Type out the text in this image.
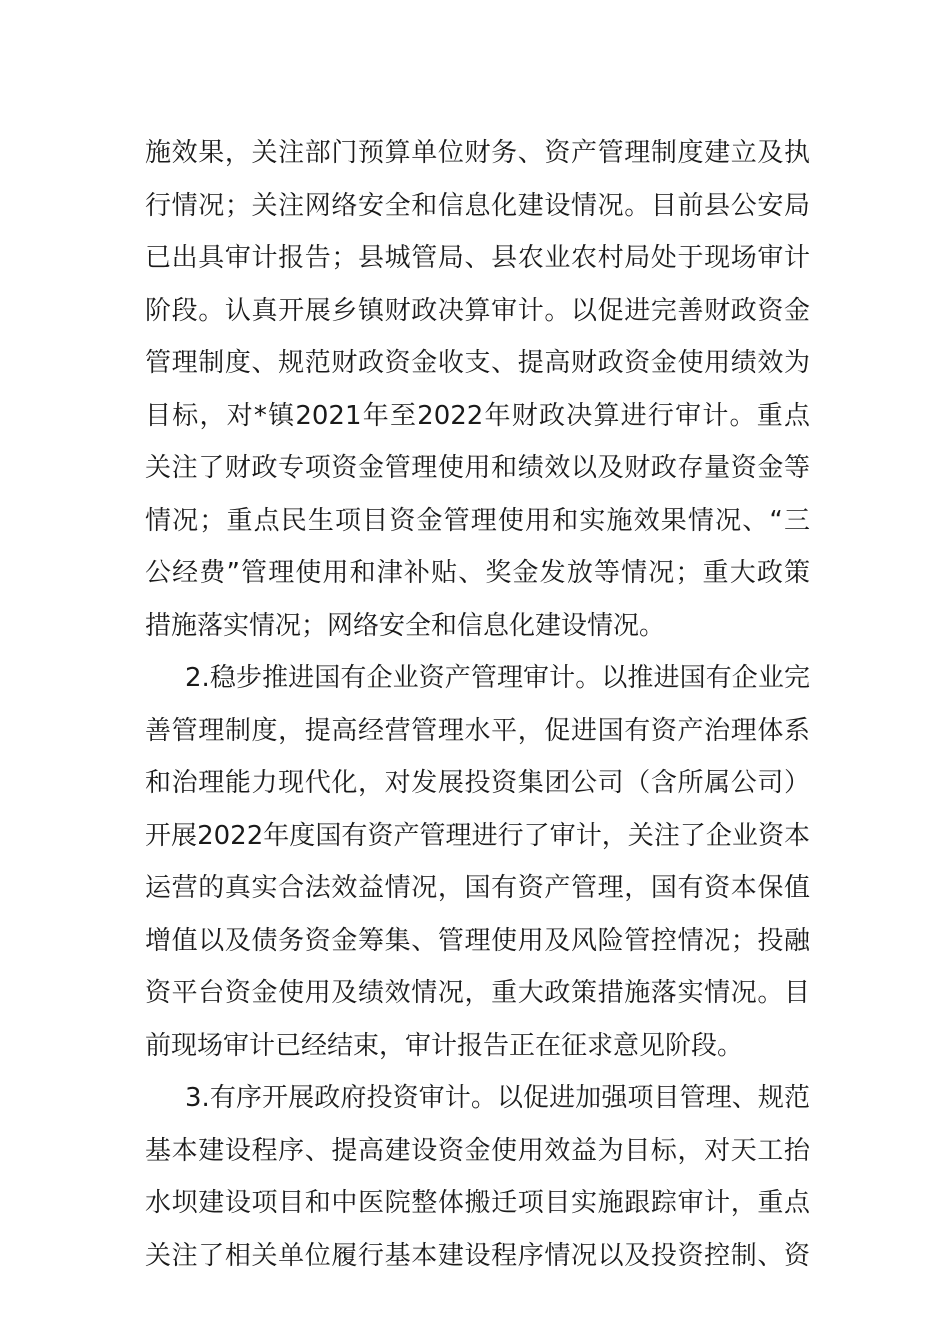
施效果，关注部门预算单位财务、资产管理制度建立及执
行情况；关注网络安全和信息化建设情况。目前县公安局
已出具审计报告；县城管局、县农业农村局处于现场审计
阶段。认真开展乡镇财政决算审计。以促进完善财政资金
管理制度、规范财政资金收支、提高财政资金使用绩效为
目标，对*镇2021年至2022年财政决算进行审计。重点
关注了财政专项资金管理使用和绩效以及财政存量资金等
情况；重点民生项目资金管理使用和实施效果情况、“三
公经费”管理使用和津补贴、奖金发放等情况；重大政策
措施落实情况；网络安全和信息化建设情况。
2.稳步推进国有企业资产管理审计。以推进国有企业完
善管理制度，提高经营管理水平，促进国有资产治理体系
和治理能力现代化，对发展投资集团公司（含所属公司）
开展2022年度国有资产管理进行了审计，关注了企业资本
运营的真实合法效益情况，国有资产管理，国有资本保值
增值以及债务资金筹集、管理使用及风险管控情况；投融
资平台资金使用及绩效情况，重大政策措施落实情况。目
前现场审计已经结束，审计报告正在征求意见阶段。
3.有序开展政府投资审计。以促进加强项目管理、规范
基本建设程序、提高建设资金使用效益为目标，对天工抬
水坝建设项目和中医院整体搬迁项目实施跟踪审计，重点
关注了相关单位履行基本建设程序情况以及投资控制、资
